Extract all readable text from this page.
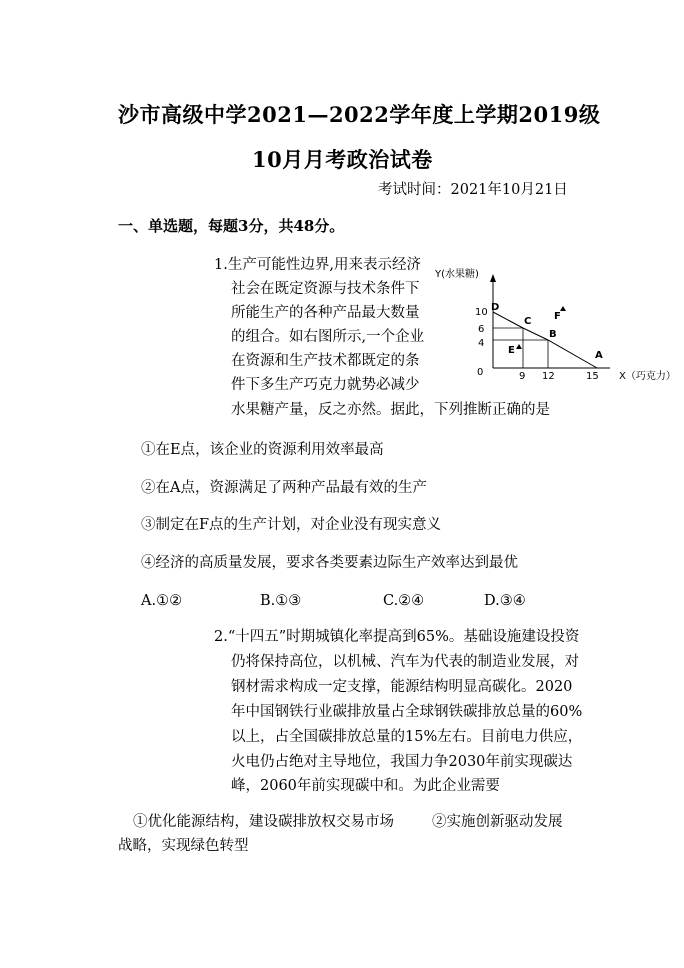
沙市高级中学2021—2022学年度上学期2019级
10月月考政治试卷
考试时间：2021年10月21日
一、单选题，每题3分，共48分。
1.生产可能性边界,用来表示经济
社会在既定资源与技术条件下
所能生产的各种产品最大数量
的组合。如右图所示,一个企业
在资源和生产技术都既定的条
件下多生产巧克力就势必减少
水果糖产量，反之亦然。据此，下列推断正确的是
Y(水果糖)
X（巧克力）
0
10
6
4
9 12	15
D
C
B
A
E
F
①在E点，该企业的资源利用效率最高
②在A点，资源满足了两种产品最有效的生产
③制定在F点的生产计划，对企业没有现实意义
④经济的高质量发展，要求各类要素边际生产效率达到最优
A.①②	B.①③	C.②④	D.③④
2.“十四五”时期城镇化率提高到65%。基础设施建设投资
仍将保持高位，以机械、汽车为代表的制造业发展，对
钢材需求构成一定支撑，能源结构明显高碳化。2020
年中国钢铁行业碳排放量占全球钢铁碳排放总量的60%
以上，占全国碳排放总量的15%左右。目前电力供应，
火电仍占绝对主导地位，我国力争2030年前实现碳达
峰，2060年前实现碳中和。为此企业需要
①优化能源结构，建设碳排放权交易市场	②实施创新驱动发展
战略，实现绿色转型
